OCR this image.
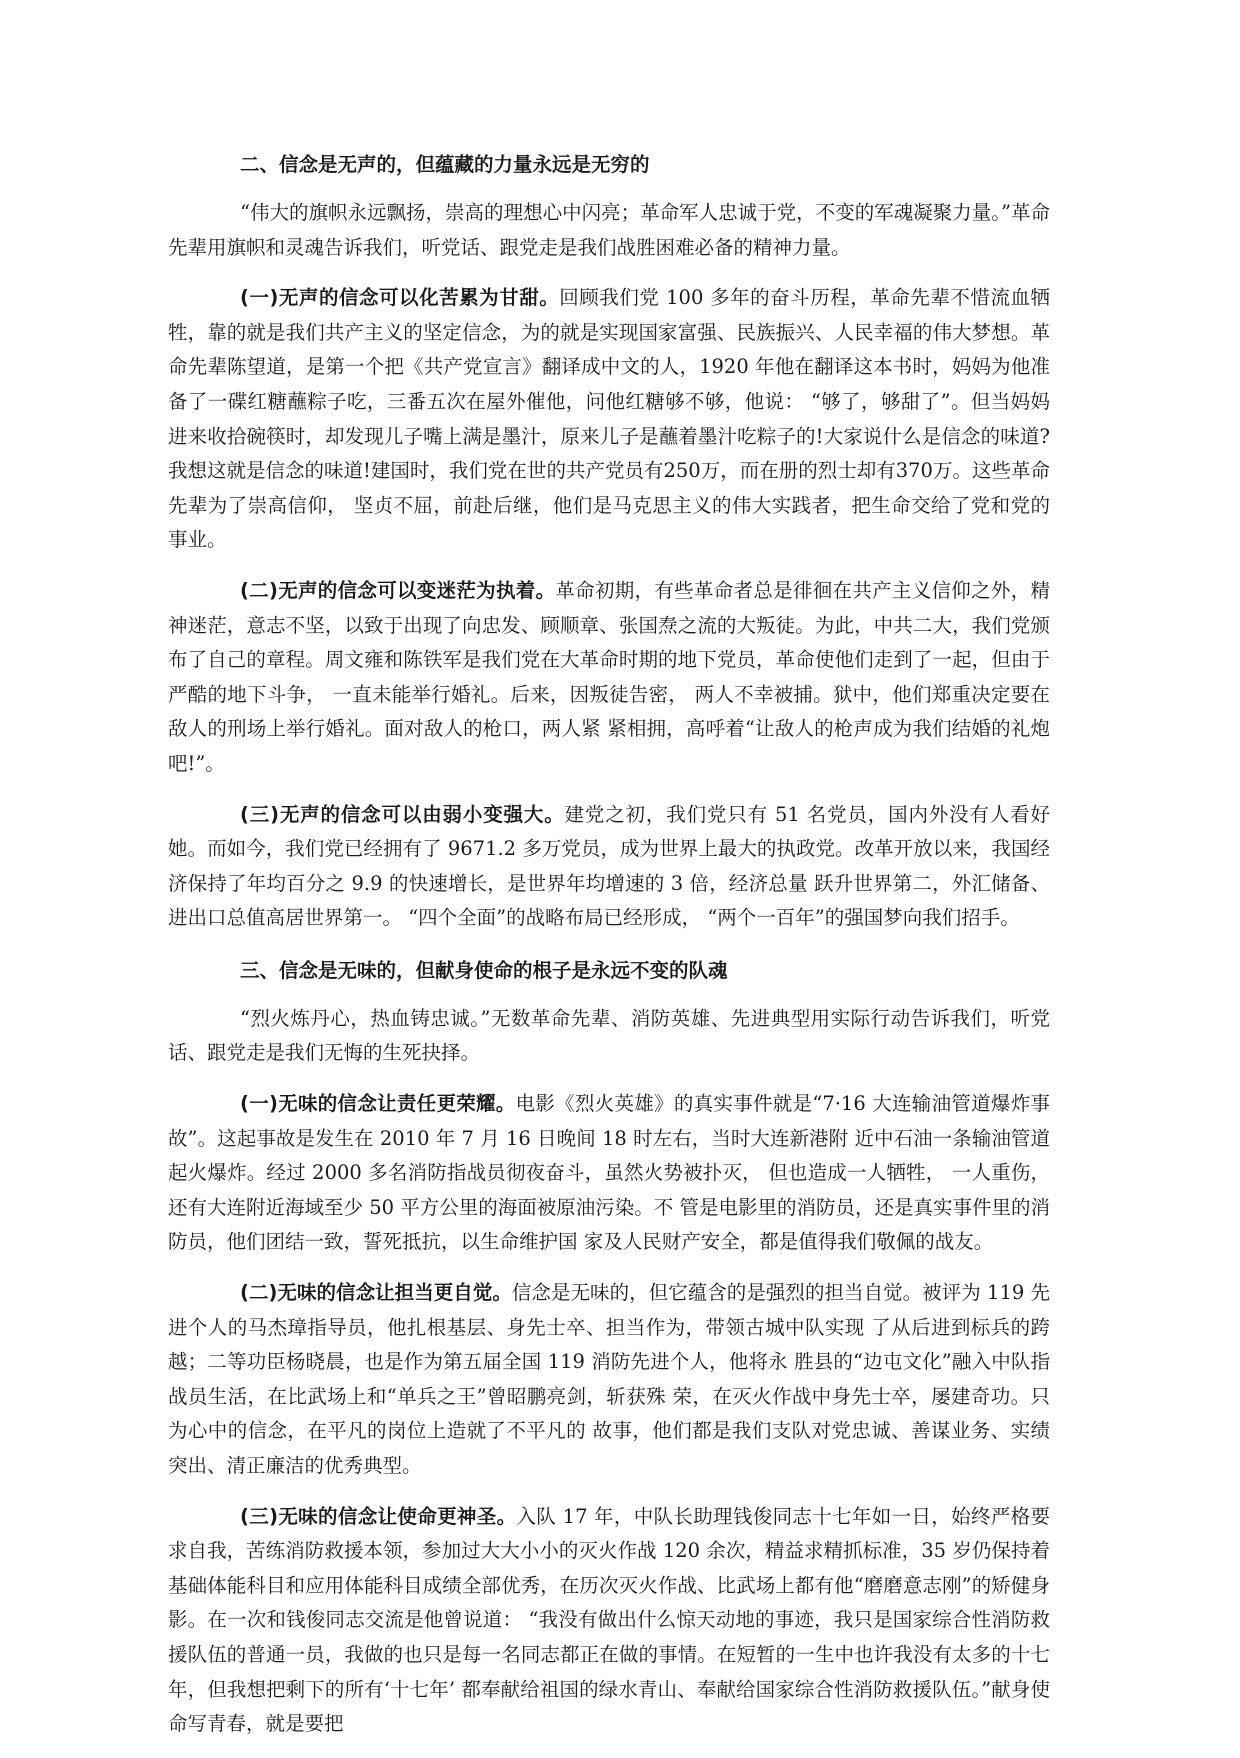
二、信念是无声的，但蕴藏的力量永远是无穷的

“伟大的旗帜永远飘扬，崇高的理想心中闪亮；革命军人忠诚于党，不变的军魂凝聚力量。”革命先辈用旗帜和灵魂告诉我们，听党话、跟党走是我们战胜困难必备的精神力量。

(一)无声的信念可以化苦累为甘甜。回顾我们党 100 多年的奋斗历程，革命先辈不惜流血牺牲，靠的就是我们共产主义的坚定信念，为的就是实现国家富强、民族振兴、人民幸福的伟大梦想。革命先辈陈望道，是第一个把《共产党宣言》翻译成中文的人，1920 年他在翻译这本书时，妈妈为他准备了一碟红糖蘸粽子吃，三番五次在屋外催他，问他红糖够不够，他说： “够了，够甜了”。但当妈妈进来收拾碗筷时，却发现儿子嘴上满是墨汁，原来儿子是蘸着墨汁吃粽子的!大家说什么是信念的味道?我想这就是信念的味道!建国时，我们党在世的共产党员有250万，而在册的烈士却有370万。这些革命先辈为了崇高信仰， 坚贞不屈，前赴后继，他们是马克思主义的伟大实践者，把生命交给了党和党的事业。

(二)无声的信念可以变迷茫为执着。革命初期，有些革命者总是徘徊在共产主义信仰之外，精神迷茫，意志不坚，以致于出现了向忠发、顾顺章、张国焘之流的大叛徒。为此，中共二大，我们党颁布了自己的章程。周文雍和陈铁军是我们党在大革命时期的地下党员，革命使他们走到了一起，但由于严酷的地下斗争， 一直未能举行婚礼。后来，因叛徒告密， 两人不幸被捕。狱中，他们郑重决定要在敌人的刑场上举行婚礼。面对敌人的枪口，两人紧 紧相拥，高呼着“让敌人的枪声成为我们结婚的礼炮吧!”。

(三)无声的信念可以由弱小变强大。建党之初，我们党只有 51 名党员，国内外没有人看好她。而如今，我们党已经拥有了 9671.2 多万党员，成为世界上最大的执政党。改革开放以来，我国经济保持了年均百分之 9.9 的快速增长，是世界年均增速的 3 倍，经济总量 跃升世界第二，外汇储备、进出口总值高居世界第一。 “四个全面”的战略布局已经形成， “两个一百年”的强国梦向我们招手。

三、信念是无味的，但献身使命的根子是永远不变的队魂

“烈火炼丹心，热血铸忠诚。”无数革命先辈、消防英雄、先进典型用实际行动告诉我们，听党话、跟党走是我们无悔的生死抉择。

(一)无味的信念让责任更荣耀。电影《烈火英雄》的真实事件就是“7·16 大连输油管道爆炸事故”。这起事故是发生在 2010 年 7 月 16 日晚间 18 时左右，当时大连新港附 近中石油一条输油管道起火爆炸。经过 2000 多名消防指战员彻夜奋斗，虽然火势被扑灭， 但也造成一人牺牲， 一人重伤，还有大连附近海域至少 50 平方公里的海面被原油污染。不 管是电影里的消防员，还是真实事件里的消防员，他们团结一致，誓死抵抗，以生命维护国 家及人民财产安全，都是值得我们敬佩的战友。

(二)无味的信念让担当更自觉。信念是无味的，但它蕴含的是强烈的担当自觉。被评为 119 先进个人的马杰璋指导员，他扎根基层、身先士卒、担当作为，带领古城中队实现 了从后进到标兵的跨越；二等功臣杨晓晨，也是作为第五届全国 119 消防先进个人，他将永 胜县的“边屯文化”融入中队指战员生活，在比武场上和“单兵之王”曾昭鹏亮剑，斩获殊 荣，在灭火作战中身先士卒，屡建奇功。只为心中的信念，在平凡的岗位上造就了不平凡的 故事，他们都是我们支队对党忠诚、善谋业务、实绩突出、清正廉洁的优秀典型。

(三)无味的信念让使命更神圣。入队 17 年，中队长助理钱俊同志十七年如一日，始终严格要求自我，苦练消防救援本领，参加过大大小小的灭火作战 120 余次，精益求精抓标准，35 岁仍保持着基础体能科目和应用体能科目成绩全部优秀，在历次灭火作战、比武场上都有他“磨磨意志刚”的矫健身影。在一次和钱俊同志交流是他曾说道： “我没有做出什么惊天动地的事迹，我只是国家综合性消防救援队伍的普通一员，我做的也只是每一名同志都正在做的事情。在短暂的一生中也许我没有太多的十七年，但我想把剩下的所有‘十七年’ 都奉献给祖国的绿水青山、奉献给国家综合性消防救援队伍。”献身使命写青春，就是要把
